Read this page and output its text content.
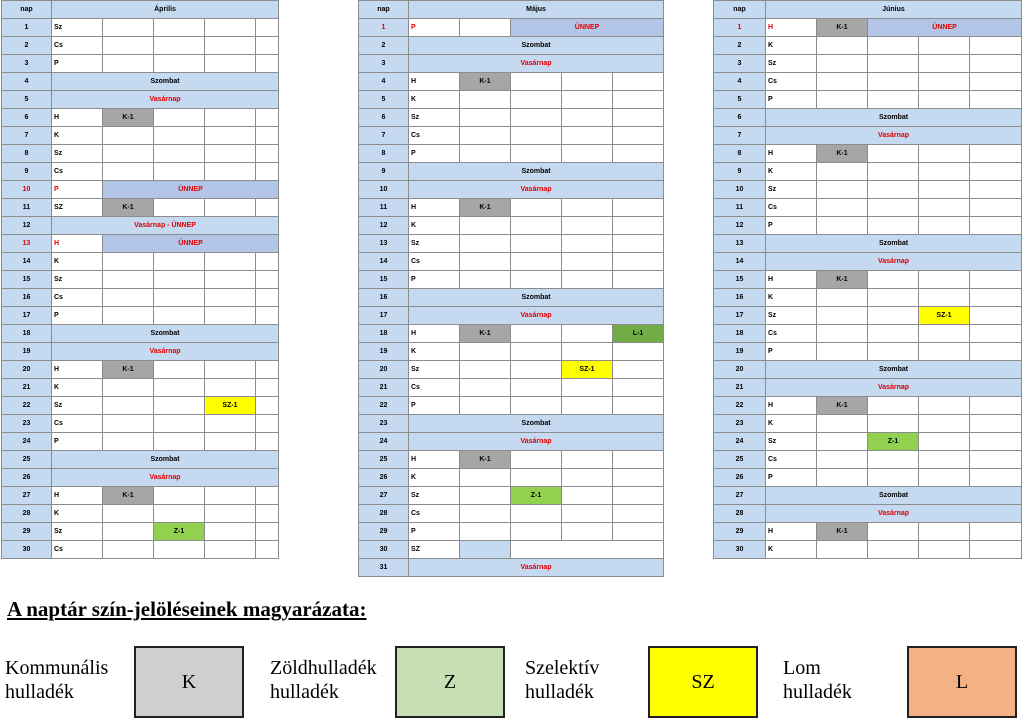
nap	Április				
1	Sz				
2	Cs				
3	P				
4	Szombat				
5	Vasárnap				
6	H	K-1			
7	K				
8	Sz				
9	Cs				
10	P	ÜNNEP			
11	SZ	K-1			
12	Vasárnap - ÜNNEP				
13	H	ÜNNEP			
14	K				
15	Sz				
16	Cs				
17	P				
18	Szombat				
19	Vasárnap				
20	H	K-1			
21	K				
22	Sz			SZ-1	
23	Cs				
24	P				
25	Szombat				
26	Vasárnap				
27	H	K-1			
28	K				
29	Sz		Z-1		
30	Cs				
nap	Május				
1	P		ÜNNEP		
2	Szombat				
3	Vasárnap				
4	H	K-1			
5	K				
6	Sz				
7	Cs				
8	P				
9	Szombat				
10	Vasárnap				
11	H	K-1			
12	K				
13	Sz				
14	Cs				
15	P				
16	Szombat				
17	Vasárnap				
18	H	K-1			L-1
19	K				
20	Sz			SZ-1	
21	Cs				
22	P				
23	Szombat				
24	Vasárnap				
25	H	K-1			
26	K				
27	Sz		Z-1		
28	Cs				
29	P				
30	SZ				
31	Vasárnap				
nap	Június				
1	H	K-1	ÜNNEP		
2	K				
3	Sz				
4	Cs				
5	P				
6	Szombat				
7	Vasárnap				
8	H	K-1			
9	K				
10	Sz				
11	Cs				
12	P				
13	Szombat				
14	Vasárnap				
15	H	K-1			
16	K				
17	Sz			SZ-1	
18	Cs				
19	P				
20	Szombat				
21	Vasárnap				
22	H	K-1			
23	K				
24	Sz		Z-1		
25	Cs				
26	P				
27	Szombat				
28	Vasárnap				
29	H	K-1			
30	K				
A naptár szín-jelöléseinek magyarázata:
Kommunális
hulladék	K
Zöldhulladék
hulladék	Z
Szelektív
hulladék	SZ
Lom
hulladék	L
